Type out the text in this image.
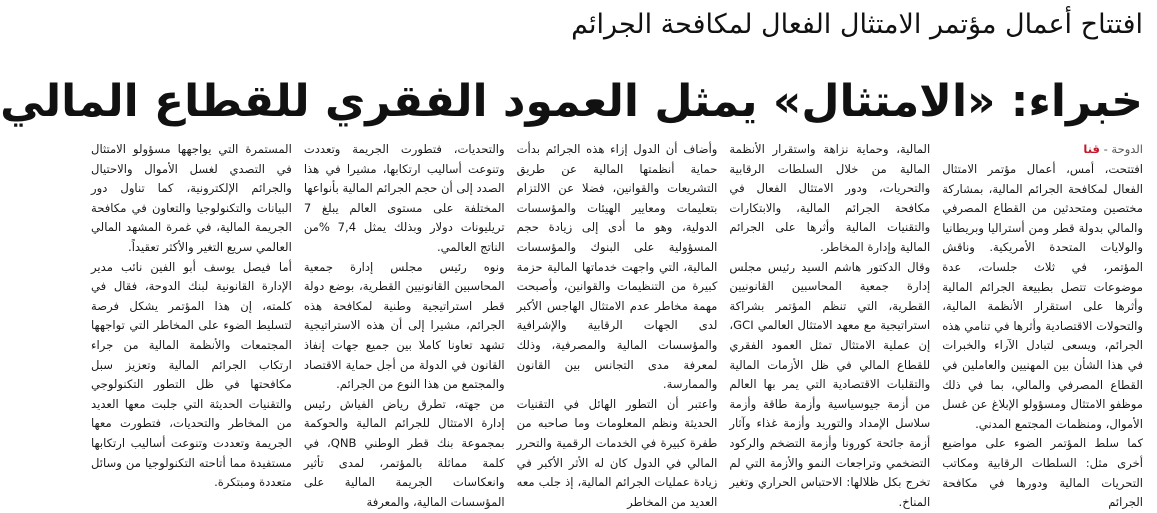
افتتاح أعمال مؤتمر الامتثال الفعال لمكافحة الجرائم
خبراء: «الامتثال» يمثل العمود الفقري للقطاع المالي
الدوحة - قنا

افتتحت، أمس، أعمال مؤتمر الامتثال الفعال لمكافحة الجرائم المالية، بمشاركة مختصين ومتحدثين من القطاع المصرفي والمالي بدولة قطر ومن أستراليا وبريطانيا والولايات المتحدة الأمريكية. وناقش المؤتمر، في ثلاث جلسات، عدة موضوعات تتصل بطبيعة الجرائم المالية وأثرها على استقرار الأنظمة المالية، والتحولات الاقتصادية وأثرها في تنامي هذه الجرائم، ويسعى لتبادل الآراء والخبرات في هذا الشأن بين المهنيين والعاملين في القطاع المصرفي والمالي، بما في ذلك موظفو الامتثال ومسؤولو الإبلاغ عن غسل الأموال، ومنظمات المجتمع المدني.

كما سلط المؤتمر الضوء على مواضيع أخرى مثل: السلطات الرقابية ومكاتب التحريات المالية ودورها في مكافحة الجرائم

المالية، وحماية نزاهة واستقرار الأنظمة المالية من خلال السلطات الرقابية والتحريات، ودور الامتثال الفعال في مكافحة الجرائم المالية، والابتكارات والتقنيات المالية وأثرها على الجرائم المالية وإدارة المخاطر.

وقال الدكتور هاشم السيد رئيس مجلس إدارة جمعية المحاسبين القانونيين القطرية، التي تنظم المؤتمر بشراكة استراتيجية مع معهد الامتثال العالمي GCI، إن عملية الامتثال تمثل العمود الفقري للقطاع المالي في ظل الأزمات المالية والتقلبات الاقتصادية التي يمر بها العالم من أزمة جيوسياسية وأزمة طاقة وأزمة سلاسل الإمداد والتوريد وأزمة غذاء وآثار أزمة جائحة كورونا وأزمة التضخم والركود التضخمي وتراجعات النمو والأزمة التي لم تخرج بكل ظلالها: الاحتباس الحراري وتغير المناخ.

وأضاف أن الدول إزاء هذه الجرائم بدأت حماية أنظمتها المالية عن طريق التشريعات والقوانين، فضلا عن الالتزام بتعليمات ومعايير الهيئات والمؤسسات الدولية، وهو ما أدى إلى زيادة حجم المسؤولية على البنوك والمؤسسات المالية، التي واجهت خدماتها المالية حزمة كبيرة من التنظيمات والقوانين، وأصبحت مهمة مخاطر عدم الامتثال الهاجس الأكبر لدى الجهات الرقابية والإشرافية والمؤسسات المالية والمصرفية، وذلك لمعرفة مدى التجانس بين القانون والممارسة.

واعتبر أن التطور الهائل في التقنيات الحديثة ونظم المعلومات وما صاحبه من طفرة كبيرة في الخدمات الرقمية والتحرر المالي في الدول كان له الأثر الأكبر في زيادة عمليات الجرائم المالية، إذ جلب معه العديد من المخاطر

والتحديات، فتطورت الجريمة وتعددت وتنوعت أساليب ارتكابها، مشيرا في هذا الصدد إلى أن حجم الجرائم المالية بأنواعها المختلفة على مستوى العالم يبلغ 7 تريليونات دولار وبذلك يمثل 7,4 %من الناتج العالمي.

ونوه رئيس مجلس إدارة جمعية المحاسبين القانونيين القطرية، بوضع دولة قطر استراتيجية وطنية لمكافحة هذه الجرائم، مشيرا إلى أن هذه الاستراتيجية تشهد تعاونا كاملا بين جميع جهات إنفاذ القانون في الدولة من أجل حماية الاقتصاد والمجتمع من هذا النوع من الجرائم.

من جهته، تطرق رياض الفياش رئيس إدارة الامتثال للجرائم المالية والحوكمة بمجموعة بنك قطر الوطني QNB، في كلمة مماثلة بالمؤتمر، لمدى تأثير وانعكاسات الجريمة المالية على المؤسسات المالية، والمعرفة

المستمرة التي يواجهها مسؤولو الامتثال في التصدي لغسل الأموال والاحتيال والجرائم الإلكترونية، كما تناول دور البيانات والتكنولوجيا والتعاون في مكافحة الجريمة المالية، في غمرة المشهد المالي العالمي سريع التغير والأكثر تعقيداً.

أما فيصل يوسف أبو الفين نائب مدير الإدارة القانونية لبنك الدوحة، فقال في كلمته، إن هذا المؤتمر يشكل فرصة لتسليط الضوء على المخاطر التي تواجهها المجتمعات والأنظمة المالية من جراء ارتكاب الجرائم المالية وتعزيز سبل مكافحتها في ظل التطور التكنولوجي والتقنيات الحديثة التي جلبت معها العديد من المخاطر والتحديات، فتطورت معها الجريمة وتعددت وتنوعت أساليب ارتكابها مستفيدة مما أتاحته التكنولوجيا من وسائل متعددة ومبتكرة.
